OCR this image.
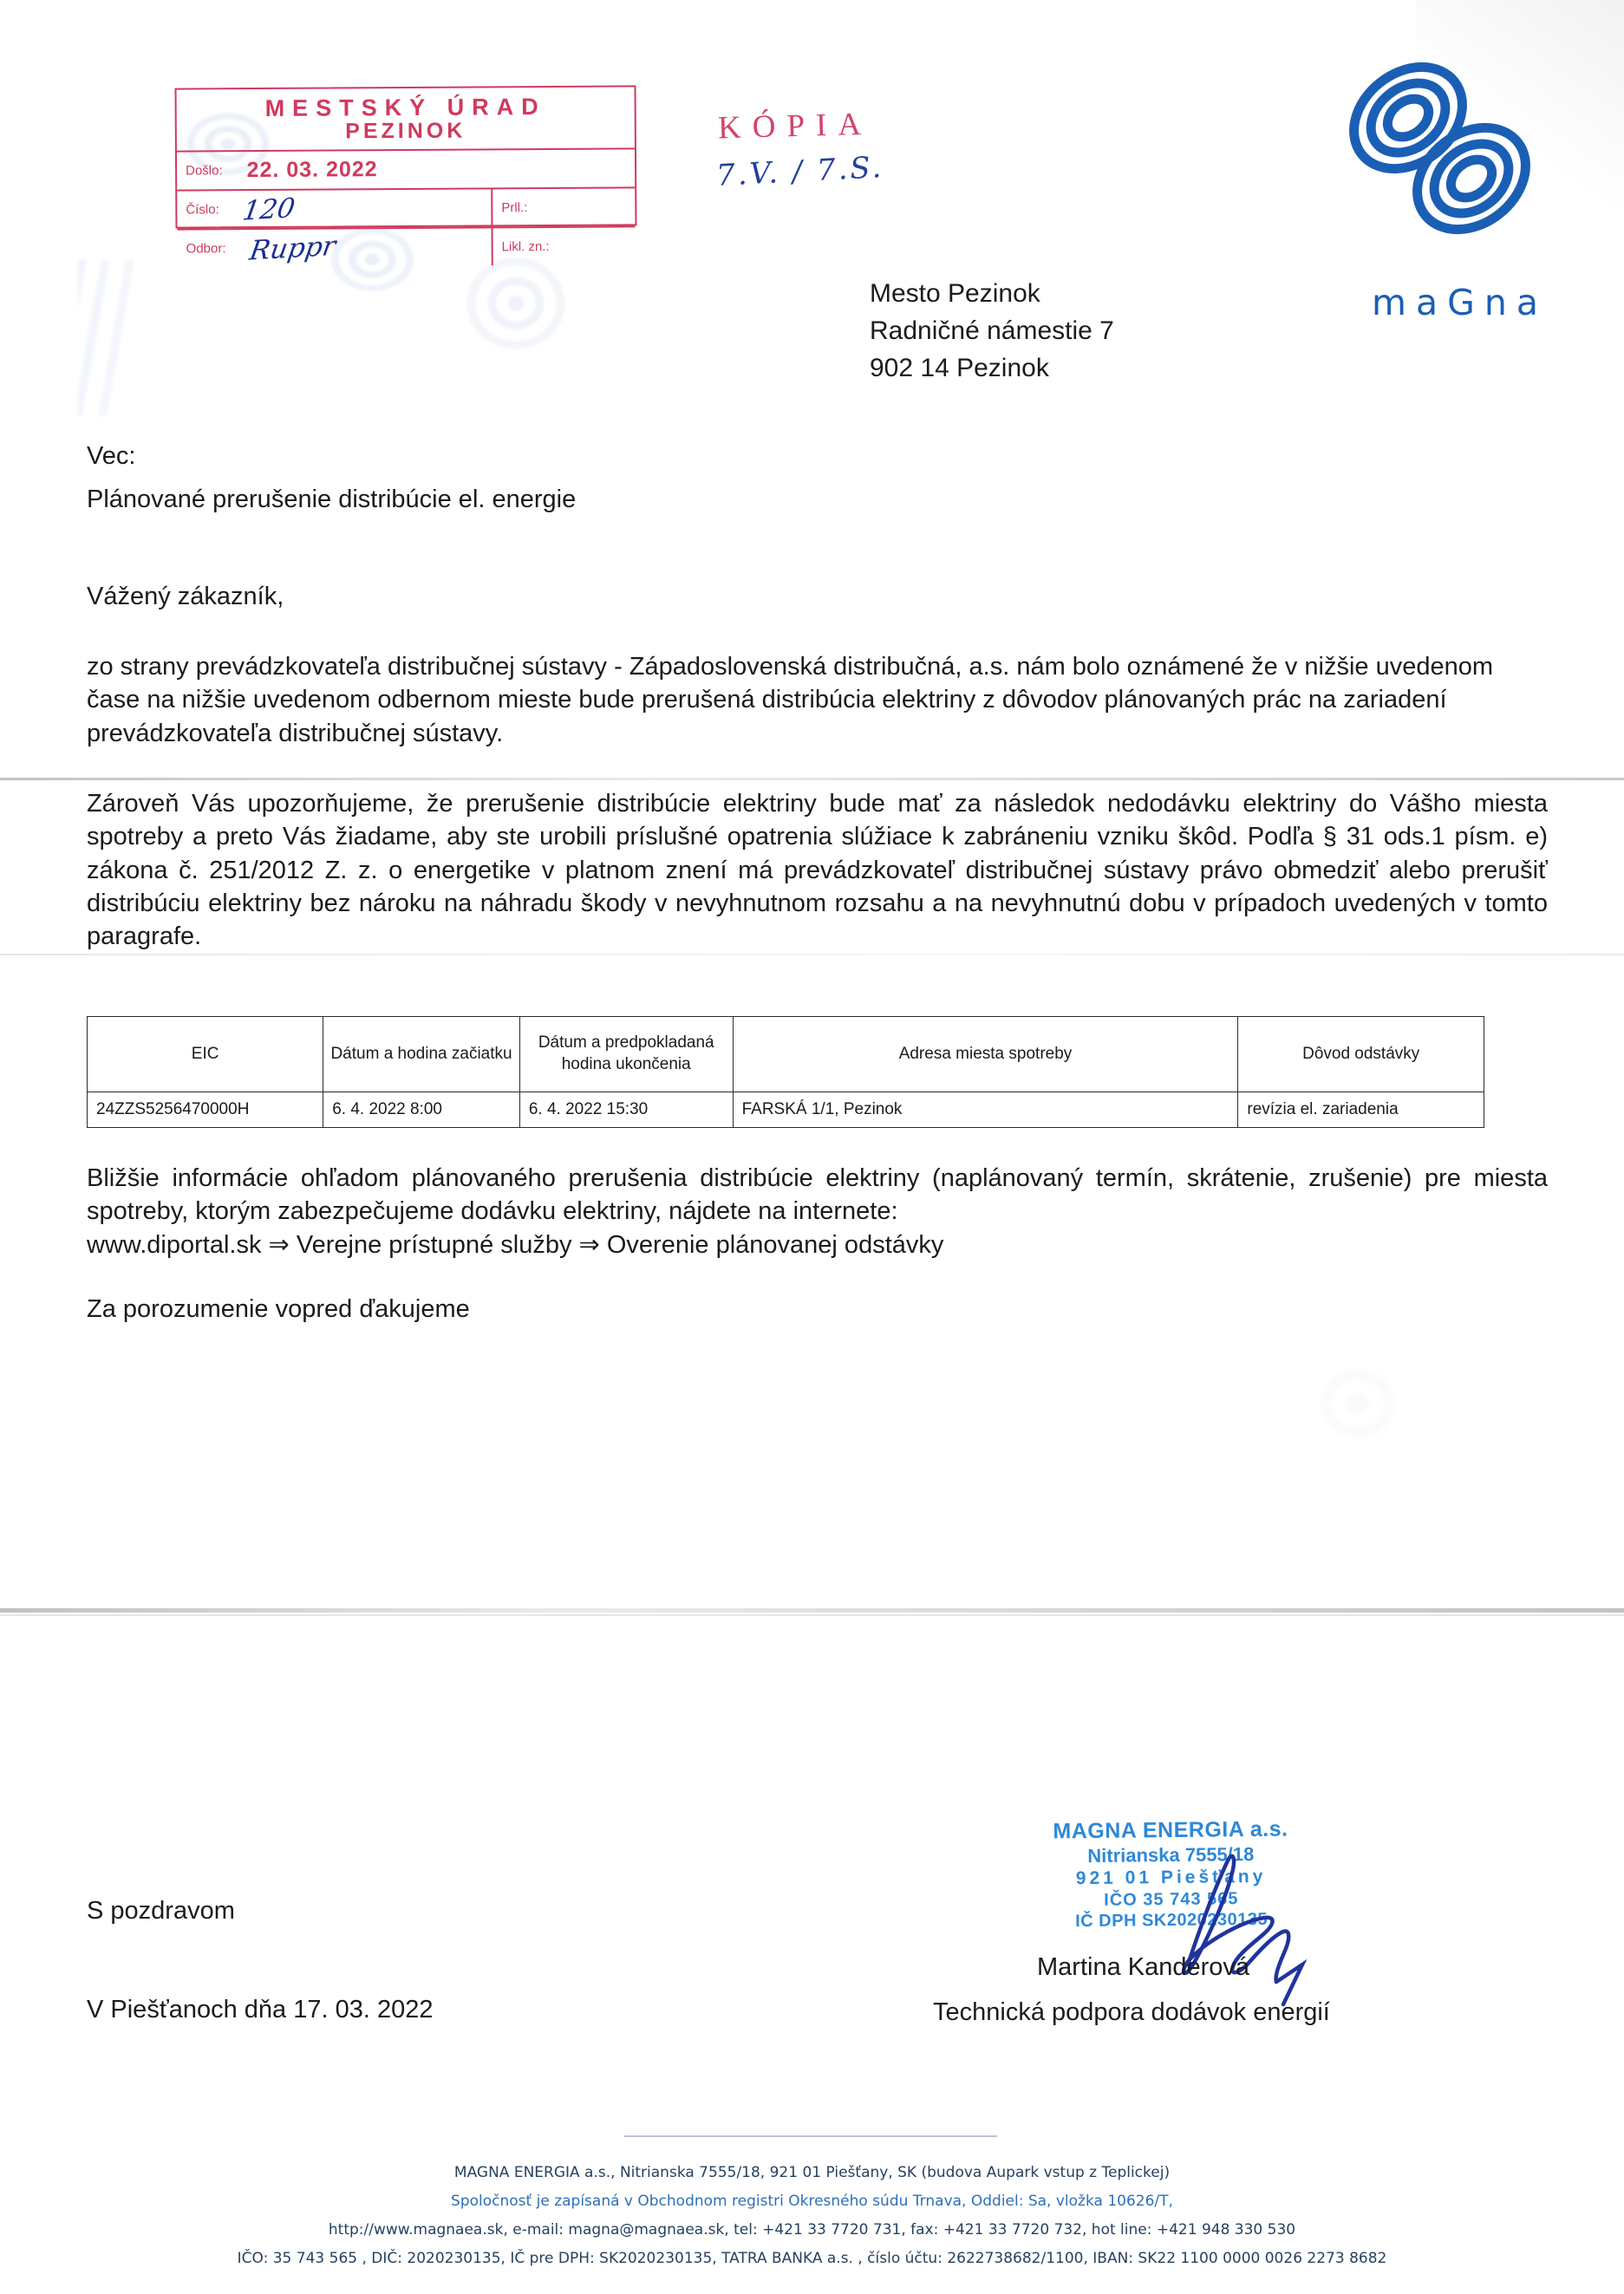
MESTSKÝ ÚRAD
PEZINOK
Došlo: 22. 03. 2022
Číslo: 120	Prll.:
Odbor: Ruppr	Likl. zn.:
KÓPIA
7.V. / 7.S.
maGna
Mesto Pezinok
Radničné námestie 7
902 14 Pezinok
Vec:
Plánované prerušenie distribúcie el. energie
Vážený zákazník,
zo strany prevádzkovateľa distribučnej sústavy - Západoslovenská distribučná, a.s. nám bolo oznámené že v nižšie uvedenom čase na nižšie uvedenom odbernom mieste bude prerušená distribúcia elektriny z dôvodov plánovaných prác na zariadení prevádzkovateľa distribučnej sústavy.
Zároveň Vás upozorňujeme, že prerušenie distribúcie elektriny bude mať za následok nedodávku elektriny do Vášho miesta spotreby a preto Vás žiadame, aby ste urobili príslušné opatrenia slúžiace k zabráneniu vzniku škôd. Podľa § 31 ods.1 písm. e) zákona č. 251/2012 Z. z. o energetike v platnom znení má prevádzkovateľ distribučnej sústavy právo obmedziť alebo prerušiť distribúciu elektriny bez nároku na náhradu škody v nevyhnutnom rozsahu a na nevyhnutnú dobu v prípadoch uvedených v tomto paragrafe.
EIC	Dátum a hodina začiatku	Dátum a predpokladaná hodina ukončenia	Adresa miesta spotreby	Dôvod odstávky
24ZZS5256470000H	6. 4. 2022 8:00	6. 4. 2022 15:30	FARSKÁ 1/1, Pezinok	revízia el. zariadenia
Bližšie informácie ohľadom plánovaného prerušenia distribúcie elektriny (naplánovaný termín, skrátenie, zrušenie) pre miesta spotreby, ktorým zabezpečujeme dodávku elektriny, nájdete na internete:
www.diportal.sk ⇒ Verejne prístupné služby ⇒ Overenie plánovanej odstávky
Za porozumenie vopred ďakujeme
S pozdravom
V Piešťanoch dňa 17. 03. 2022
MAGNA ENERGIA a.s.
Nitrianska 7555/18
921 01 Piešťany
IČO 35 743 565
IČ DPH SK2020230135
Martina Kanderová
Technická podpora dodávok energií
MAGNA ENERGIA a.s., Nitrianska 7555/18, 921 01 Piešťany, SK (budova Aupark vstup z Teplickej)
Spoločnosť je zapísaná v Obchodnom registri Okresného súdu Trnava, Oddiel: Sa, vložka 10626/T,
http://www.magnaea.sk, e-mail: magna@magnaea.sk, tel: +421 33 7720 731, fax: +421 33 7720 732, hot line: +421 948 330 530
IČO: 35 743 565 , DIČ: 2020230135, IČ pre DPH: SK2020230135, TATRA BANKA a.s. , číslo účtu: 2622738682/1100, IBAN: SK22 1100 0000 0026 2273 8682
